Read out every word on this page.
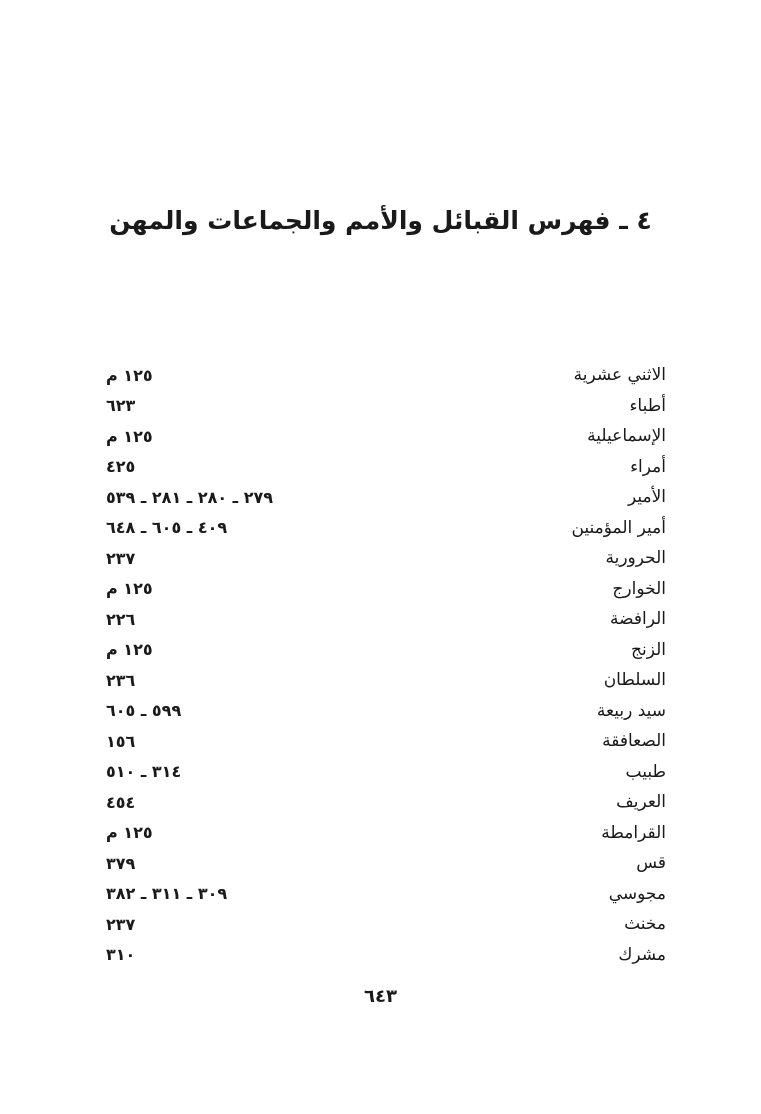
٤ ـ فهرس القبائل والأمم والجماعات والمهن
١٢٥ م	الاثني عشرية
٦٢٣	أطباء
١٢٥ م	الإسماعيلية
٤٢٥	أمراء
٢٧٩ ـ ٢٨٠ ـ ٢٨١ ـ ٥٣٩	الأمير
٤٠٩ ـ ٦٠٥ ـ ٦٤٨	أمير المؤمنين
٢٣٧	الحرورية
١٢٥ م	الخوارج
٢٢٦	الرافضة
١٢٥ م	الزنج
٢٣٦	السلطان
٥٩٩ ـ ٦٠٥	سيد ربيعة
١٥٦	الصعافقة
٣١٤ ـ ٥١٠	طبيب
٤٥٤	العريف
١٢٥ م	القرامطة
٣٧٩	قس
٣٠٩ ـ ٣١١ ـ ٣٨٢	مجوسي
٢٣٧	مخنث
٣١٠	مشرك
٦٤٣
